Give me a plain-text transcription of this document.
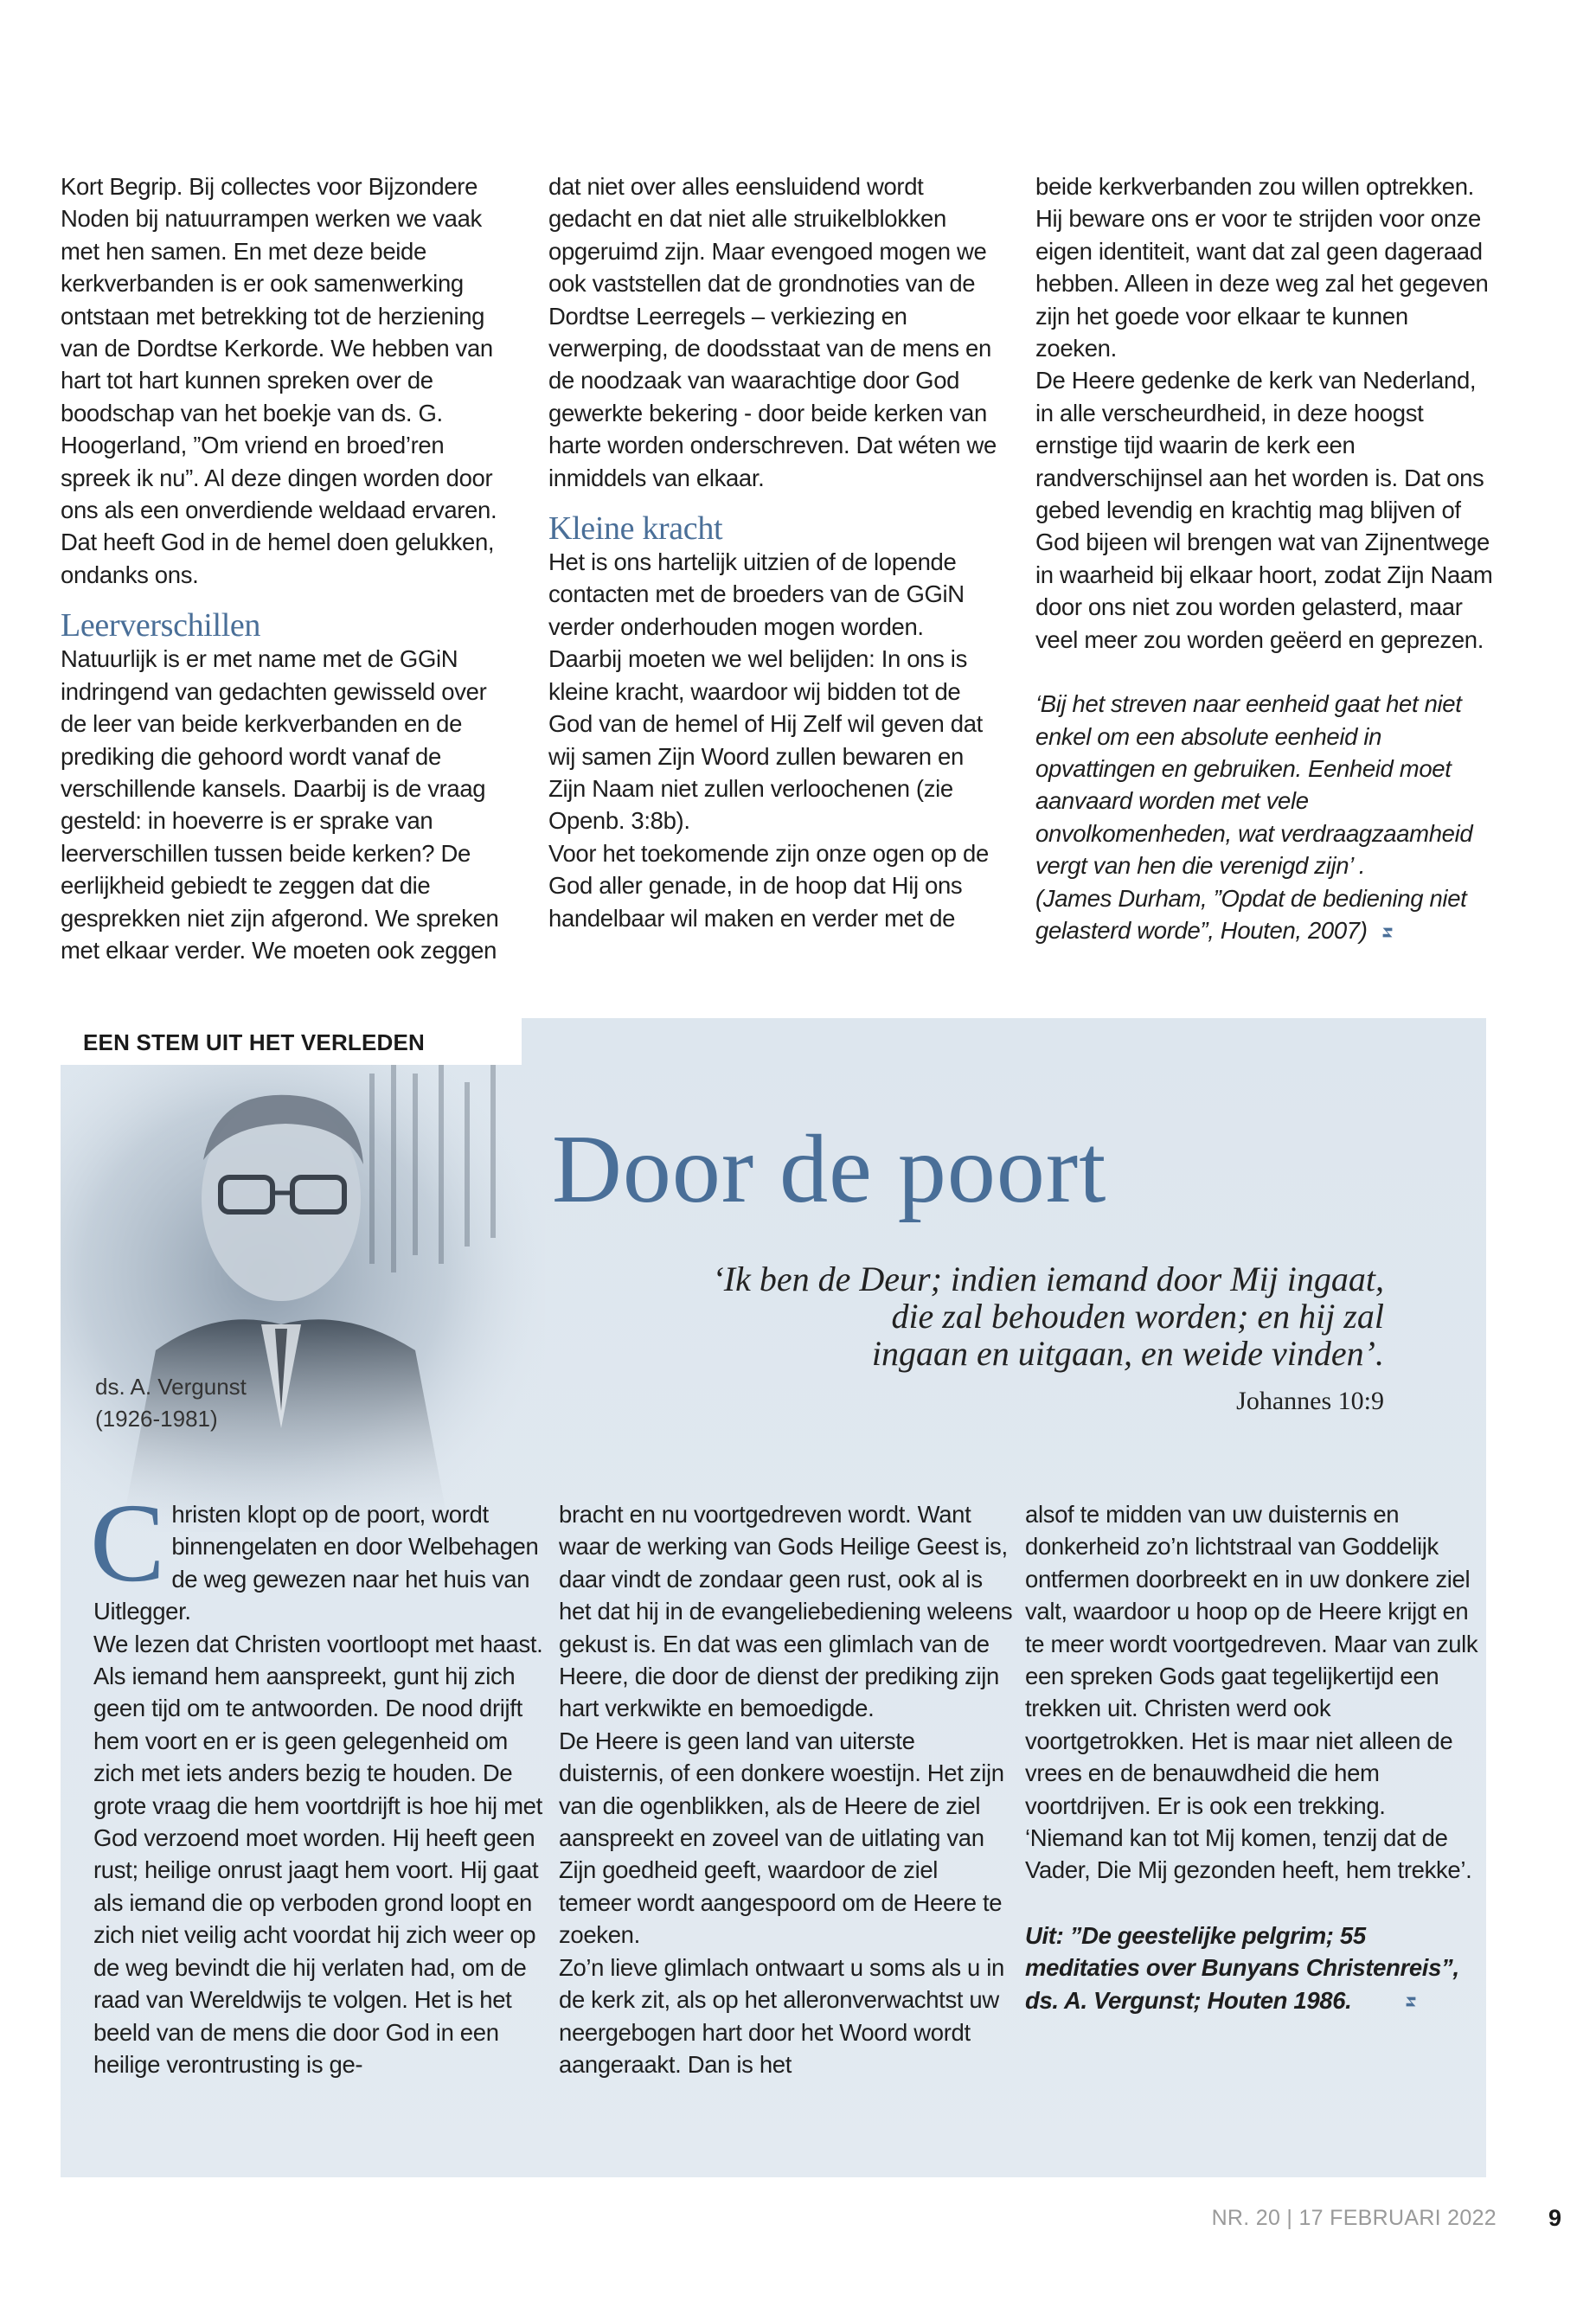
Kort Begrip. Bij collectes voor Bijzondere Noden bij natuurrampen werken we vaak met hen samen. En met deze beide kerkverbanden is er ook samenwerking ontstaan met betrekking tot de herziening van de Dordtse Kerkorde. We hebben van hart tot hart kunnen spreken over de boodschap van het boekje van ds. G. Hoogerland, ”Om vriend en broed’ren spreek ik nu”. Al deze dingen worden door ons als een onverdiende weldaad ervaren. Dat heeft God in de hemel doen gelukken, ondanks ons.

Leerverschillen

Natuurlijk is er met name met de GGiN indringend van gedachten gewisseld over de leer van beide kerkverbanden en de prediking die gehoord wordt vanaf de verschillende kansels. Daarbij is de vraag gesteld: in hoeverre is er sprake van leerverschillen tussen beide kerken? De eerlijkheid gebiedt te zeggen dat die gesprekken niet zijn afgerond. We spreken met elkaar verder. We moeten ook zeggen

dat niet over alles eensluidend wordt gedacht en dat niet alle struikelblokken opgeruimd zijn. Maar evengoed mogen we ook vaststellen dat de grondnoties van de Dordtse Leerregels – verkiezing en verwerping, de doodsstaat van de mens en de noodzaak van waarachtige door God gewerkte bekering - door beide kerken van harte worden onderschreven. Dat wéten we inmiddels van elkaar.

Kleine kracht

Het is ons hartelijk uitzien of de lopende contacten met de broeders van de GGiN verder onderhouden mogen worden. Daarbij moeten we wel belijden: In ons is kleine kracht, waardoor wij bidden tot de God van de hemel of Hij Zelf wil geven dat wij samen Zijn Woord zullen bewaren en Zijn Naam niet zullen verloochenen (zie Openb. 3:8b).

Voor het toekomende zijn onze ogen op de God aller genade, in de hoop dat Hij ons handelbaar wil maken en verder met de

beide kerkverbanden zou willen optrekken. Hij beware ons er voor te strijden voor onze eigen identiteit, want dat zal geen dageraad hebben. Alleen in deze weg zal het gegeven zijn het goede voor elkaar te kunnen zoeken.

De Heere gedenke de kerk van Nederland, in alle verscheurdheid, in deze hoogst ernstige tijd waarin de kerk een randverschijnsel aan het worden is. Dat ons gebed levendig en krachtig mag blijven of God bijeen wil brengen wat van Zijnentwege in waarheid bij elkaar hoort, zodat Zijn Naam door ons niet zou worden gelasterd, maar veel meer zou worden geëerd en geprezen.

‘Bij het streven naar eenheid gaat het niet enkel om een absolute eenheid in opvattingen en gebruiken. Eenheid moet aanvaard worden met vele onvolkomenheden, wat verdraagzaamheid vergt van hen die verenigd zijn’ .

(James Durham, ”Opdat de bediening niet gelasterd worde”, Houten, 2007)

EEN STEM UIT HET VERLEDEN
Door de poort
‘Ik ben de Deur; indien iemand door Mij ingaat,
die zal behouden worden; en hij zal
ingaan en uitgaan, en weide vinden’.
Johannes 10:9
ds. A. Vergunst
(1926-1981)

Christen klopt op de poort, wordt binnengelaten en door Welbehagen de weg gewezen naar het huis van Uitlegger.

We lezen dat Christen voortloopt met haast. Als iemand hem aanspreekt, gunt hij zich geen tijd om te antwoorden. De nood drijft hem voort en er is geen gelegenheid om zich met iets anders bezig te houden. De grote vraag die hem voortdrijft is hoe hij met God verzoend moet worden. Hij heeft geen rust; heilige onrust jaagt hem voort. Hij gaat als iemand die op verboden grond loopt en zich niet veilig acht voordat hij zich weer op de weg bevindt die hij verlaten had, om de raad van Wereldwijs te volgen. Het is het beeld van de mens die door God in een heilige verontrusting is ge-

bracht en nu voortgedreven wordt. Want waar de werking van Gods Heilige Geest is, daar vindt de zondaar geen rust, ook al is het dat hij in de evangeliebediening weleens gekust is. En dat was een glimlach van de Heere, die door de dienst der prediking zijn hart verkwikte en bemoedigde.

De Heere is geen land van uiterste duisternis, of een donkere woestijn. Het zijn van die ogenblikken, als de Heere de ziel aanspreekt en zoveel van de uitlating van Zijn goedheid geeft, waardoor de ziel temeer wordt aangespoord om de Heere te zoeken.

Zo’n lieve glimlach ontwaart u soms als u in de kerk zit, als op het alleronverwachtst uw neergebogen hart door het Woord wordt aangeraakt. Dan is het

alsof te midden van uw duisternis en donkerheid zo’n lichtstraal van Goddelijk ontfermen doorbreekt en in uw donkere ziel valt, waardoor u hoop op de Heere krijgt en te meer wordt voortgedreven. Maar van zulk een spreken Gods gaat tegelijkertijd een trekken uit. Christen werd ook voortgetrokken. Het is maar niet alleen de vrees en de benauwdheid die hem voortdrijven. Er is ook een trekking. ‘Niemand kan tot Mij komen, tenzij dat de Vader, Die Mij gezonden heeft, hem trekke’.

Uit: ”De geestelijke pelgrim; 55 meditaties over Bunyans Christenreis”, ds. A. Vergunst; Houten 1986.

NR. 20 | 17 FEBRUARI 2022 9
